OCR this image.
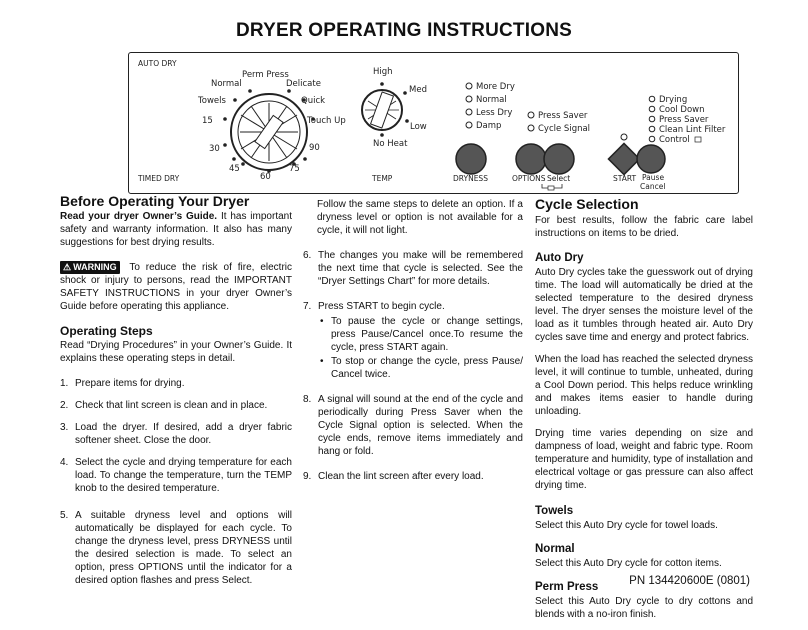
DRYER OPERATING INSTRUCTIONS
AUTO DRY
TIMED DRY
Normal
Perm Press
Delicate
Towels	Quick
15	Touch Up
30	90
45	75
60
High
Med
Low
No Heat
TEMP
More Dry
Normal
Less Dry
Damp
DRYNESS
Press Saver
Cycle Signal
OPTIONS Select	START Pause
Cancel
Drying
Cool Down
Press Saver
Clean Lint Filter
Control
Before Operating Your Dryer

Read your dryer Owner’s Guide. It has important safety and warranty information. It also has many suggestions for best drying results.

⚠ WARNING To reduce the risk of fire, electric shock or injury to persons, read the IMPORTANT SAFETY INSTRUCTIONS in your dryer Owner’s Guide before operating this appliance.

Operating Steps

Read “Drying Procedures” in your Owner’s Guide. It explains these operating steps in detail.

1. Prepare items for drying.
2. Check that lint screen is clean and in place.
3. Load the dryer. If desired, add a dryer fabric softener sheet. Close the door.
4. Select the cycle and drying temperature for each load. To change the temperature, turn the TEMP knob to the desired temperature.
5. A suitable dryness level and options will automatically be displayed for each cycle. To change the dryness level, press DRYNESS until the desired selection is made. To select an option, press OPTIONS until the indicator for a desired option flashes and press Select.

Follow the same steps to delete an option. If a dryness level or option is not available for a cycle, it will not light.

6. The changes you make will be remembered the next time that cycle is selected. See the “Dryer Settings Chart” for more details.
7. Press START to begin cycle.
• To pause the cycle or change settings, press Pause/Cancel once.To resume the cycle, press START again.
• To stop or change the cycle, press Pause/ Cancel twice.
8. A signal will sound at the end of the cycle and periodically during Press Saver when the Cycle Signal option is selected. When the cycle ends, remove items immediately and hang or fold.
9. Clean the lint screen after every load.
Cycle Selection

For best results, follow the fabric care label instructions on items to be dried.

Auto Dry

Auto Dry cycles take the guesswork out of drying time. The load will automatically be dried at the selected temperature to the desired dryness level. The dryer senses the moisture level of the load as it tumbles through heated air. Auto Dry cycles save time and energy and protect fabrics.

When the load has reached the selected dryness level, it will continue to tumble, unheated, during a Cool Down period. This helps reduce wrinkling and makes items easier to handle during unloading.

Drying time varies depending on size and dampness of load, weight and fabric type. Room temperature and humidity, type of installation and electrical voltage or gas pressure can also affect drying time.

Towels

Select this Auto Dry cycle for towel loads.

Normal

Select this Auto Dry cycle for cotton items.

Perm Press

Select this Auto Dry cycle to dry cottons and blends with a no-iron finish.

PN 134420600E (0801)
